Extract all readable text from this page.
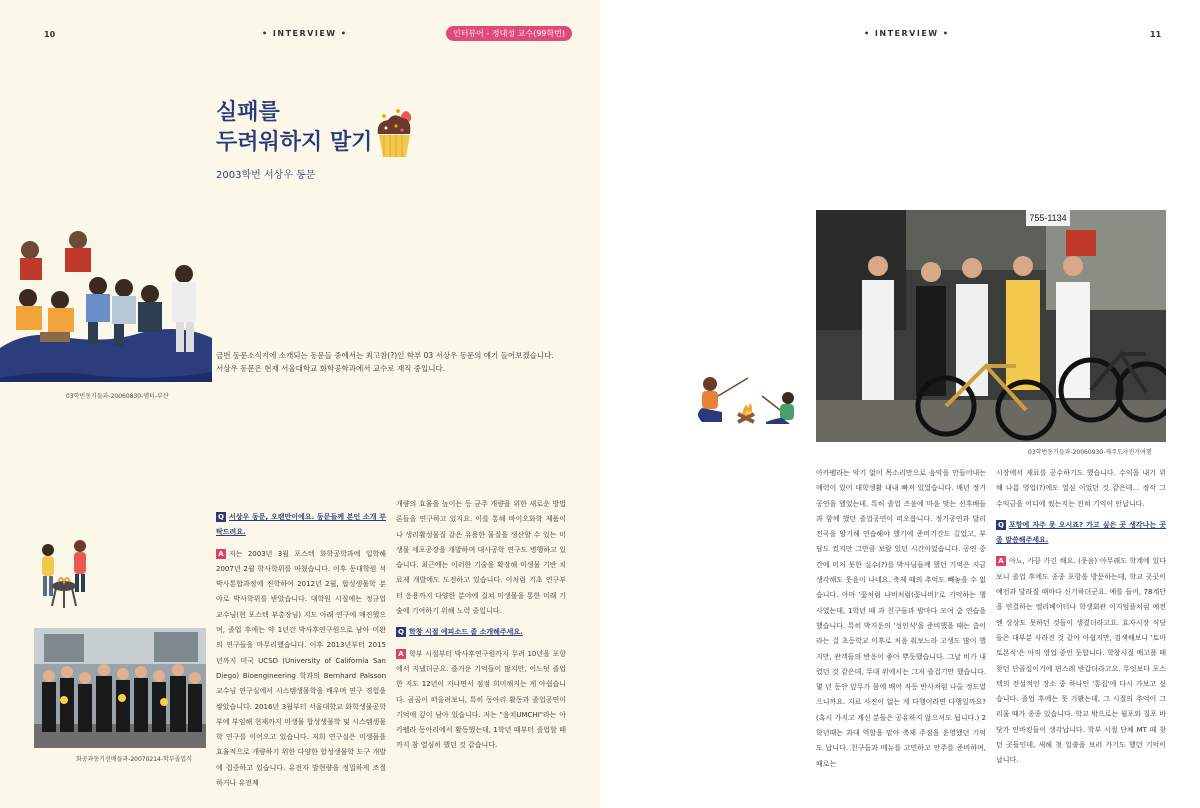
10	• INTERVIEW •	인터뷰어 - 정대성 교수(99학번)
실패를
두려워하지 말기
2003학번 서상우 동문
03학번동기들과-20060830-엠티-부산
금번 동문소식지에 소개되는 동문들 중에서는 최고참(?)인 학부 03 서상우 동문의 얘기 들어보겠습니다.
서상우 동문은 현재 서울대학교 화학공학과에서 교수로 재직 중입니다.
화공과동기선배들과-20070214-학부졸업식
Q 서상우 동문, 오랜만이에요. 동문들께 본인 소개 부탁드려요.
A 저는 2003년 3월 포스텍 화학공학과에 입학해 2007년 2월 학사학위를 마쳤습니다. 이후 동대학원 석박사통합과정에 진학하여 2012년 2월, 합성생물학 분야로 박사학위를 받았습니다. 대학원 시절에는 정규업 교수님(현 포스텍 부총장님) 지도 아래 연구에 매진했으며, 졸업 후에는 약 1년간 박사후연구원으로 남아 미완의 연구들을 마무리했습니다. 이후 2013년부터 2015년까지 미국 UCSD (University of California San Diego) Bioengineering 학과의 Bernhard Palsson 교수님 연구실에서 시스템생물학을 배우며 연구 경험을 쌓았습니다. 2016년 3월부터 서울대학교 화학생물공학부에 부임해 현재까지 미생물 합성생물학 및 시스템생물학 연구를 이어오고 있습니다. 저희 연구실은 미생물을 효율적으로 개량하기 위한 다양한 합성생물학 도구 개발에 집중하고 있습니다. 유전자 발현량을 정밀하게 조절하거나 유전체
개량의 효율을 높이는 등 균주 개량을 위한 새로운 방법론들을 연구하고 있지요. 이를 통해 바이오화학 제품이나 생리활성물질 같은 유용한 물질을 생산할 수 있는 미생물 세포공장을 개발하며 대사공학 연구도 병행하고 있습니다. 최근에는 이러한 기술을 확장해 미생물 기반 치료제 개발에도 도전하고 있습니다. 이처럼 기초 연구부터 응용까지 다양한 분야에 걸쳐 미생물을 통한 미래 기술에 기여하기 위해 노력 중입니다.
Q 학창 시절 에피소드 좀 소개해주세요.
A 학부 시절부터 박사후연구원까지 무려 10년을 포항에서 지냈더군요. 즐거운 기억들이 많지만, 어느덧 졸업한 지도 12년이 지나면서 점점 희미해지는 게 아쉽습니다. 곰곰이 떠올려보니, 특히 동아리 활동과 졸업공연이 기억에 깊이 남아 있습니다. 저는 "음치UMCHI"라는 아카펠라 동아리에서 활동했는데, 1학년 때부터 졸업할 때까지 참 열심히 했던 것 같습니다.
• INTERVIEW •	11
755-1134
03학번동기들과-20060930-제주도자전거여행
아카펠라는 악기 없이 목소리만으로 음악을 만들어내는 매력이 있어 대학생활 내내 빠져 있었습니다. 매년 정기공연을 했었는데, 특히 졸업 즈음에 마음 맞는 선후배들과 함께 했던 졸업공연이 떠오릅니다. 정기공연과 달리 전곡을 암기해 연습해야 했기에 준비기간도 길었고, 부담도 컸지만 그만큼 보람 있던 시간이었습니다. 공연 중간에 미처 못한 실수(?)를 박사님들께 했던 기억은 지금 생각해도 웃음이 나네요. 축제 때의 추억도 빼놓을 수 없습니다. 아마 '꽃처럼 나비처럼(꽃나비)'로 기억하는 행사였는데, 1학년 때 과 친구들과 밤마다 모여 춤 연습을 했습니다. 특히 박지운의 '성인식'을 준비했을 때는 춤이라는 걸 초등학교 이후로 처음 춰보느라 고생도 많이 했지만, 관객들의 반응이 좋아 뿌듯했습니다. 그날 비가 내렸던 것 같은데, 무대 위에서는 그저 즐겁기만 했습니다. 몇 년 동안 앞무가 몸에 배어 자동 반사처럼 나올 정도였으니까요. 지료 사진이 없는 게 다행이라면 다행일까요? (혹시 가지고 계신 분들은 공유하지 않으셔도 됩니다.) 2학년때는 과대 역할을 맡아 축제 주점을 운영했던 기억도 납니다. 친구들과 메뉴를 고민하고 안주를 준비하며, 때로는
시장에서 재료를 공수하기도 했습니다. 수익을 내기 위해 나름 영업(?)에도 열심 이었던 것 같은데… 정작 그 수익금을 어디에 썼는지는 전혀 기억이 안납니다.
Q 포항에 자주 못 오시죠? 가고 싶은 곳 생각나는 곳 좀 말씀해주세요.
A 아뇨, 가끔 가긴 해요. (웃음) 아무래도 학계에 있다 보니 졸업 후에도 종종 포항을 방문하는데, 학교 곳곳이 예전과 달라질 때마다 신기하더군요. 예를 들어, 78계단을 연결하는 엘리베이터나 학생회관 이지엄플처럼 예전엔 상상도 못하던 것들이 생겼더라고요. 효자시장 식당들은 대부분 사라진 것 같아 아쉽지만, 검색해보니 '토마토본식'은 아직 영업 중인 듯합니다. 학창시절 배고플 때 찾던 단골집이기에 편스레 반갑더라고요. 무엇보다 포스텍의 전설적인 장소 중 하나인 '통집'에 다시 가보고 싶습니다. 졸업 후에는 못 가봤는데, 그 시절의 추억이 그리울 때가 종종 있습니다. 학교 밖으로는 월포와 칠포 바닷가 인바킹들이 생각납니다. 학부 시절 단체 MT 때 찾던 곳들인데, 새해 첫 일출을 보러 가기도 했던 기억이 납니다.
